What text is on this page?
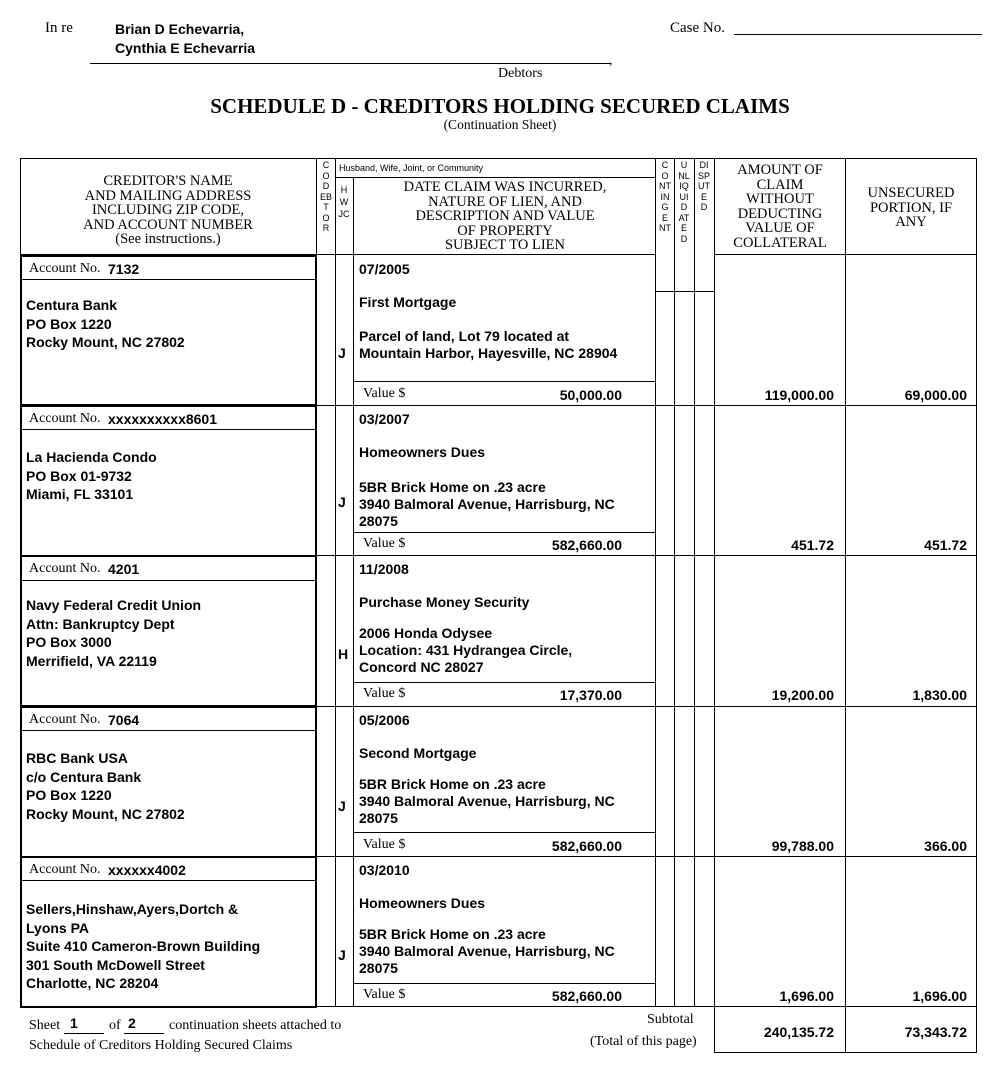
In re	Brian D Echevarria,
Cynthia E Echevarria
,
Debtors
Case No.
SCHEDULE D - CREDITORS HOLDING SECURED CLAIMS
(Continuation Sheet)
CREDITOR'S NAME
AND MAILING ADDRESS
INCLUDING ZIP CODE,
AND ACCOUNT NUMBER
(See instructions.)
CODEBTOR
Husband, Wife, Joint, or Community
HWJC
DATE CLAIM WAS INCURRED,
NATURE OF LIEN, AND
DESCRIPTION AND VALUE
OF PROPERTY
SUBJECT TO LIEN
CONTINGENT
UNLIQUIDATED
DISPUTED
AMOUNT OF
CLAIM
WITHOUT
DEDUCTING
VALUE OF
COLLATERAL
UNSECURED
PORTION, IF
ANY
Account No. 7132
Centura Bank
PO Box 1220
Rocky Mount, NC 27802
J
07/2005
First Mortgage
Parcel of land, Lot 79 located at
Mountain Harbor, Hayesville, NC 28904
Value $	50,000.00	119,000.00	69,000.00
Account No. xxxxxxxxxx8601
La Hacienda Condo
PO Box 01-9732
Miami, FL 33101	J
03/2007
Homeowners Dues
5BR Brick Home on .23 acre
3940 Balmoral Avenue, Harrisburg, NC
28075
Value $	582,660.00	451.72	451.72
Account No. 4201
Navy Federal Credit Union
Attn: Bankruptcy Dept
PO Box 3000
Merrifield, VA 22119	H
11/2008
Purchase Money Security
2006 Honda Odysee
Location: 431 Hydrangea Circle,
Concord NC 28027
Value $	17,370.00	19,200.00	1,830.00
Account No. 7064
RBC Bank USA
c/o Centura Bank
PO Box 1220
Rocky Mount, NC 27802	J
05/2006
Second Mortgage
5BR Brick Home on .23 acre
3940 Balmoral Avenue, Harrisburg, NC
28075
Value $	582,660.00	99,788.00	366.00
Account No. xxxxxx4002
Sellers,Hinshaw,Ayers,Dortch &
Lyons PA
Suite 410 Cameron-Brown Building
301 South McDowell Street
Charlotte, NC 28204
J
03/2010
Homeowners Dues
5BR Brick Home on .23 acre
3940 Balmoral Avenue, Harrisburg, NC
28075
Value $	582,660.00	1,696.00	1,696.00
Sheet 1 of 2 continuation sheets attached to
Schedule of Creditors Holding Secured Claims
Subtotal
(Total of this page)
240,135.72	73,343.72
